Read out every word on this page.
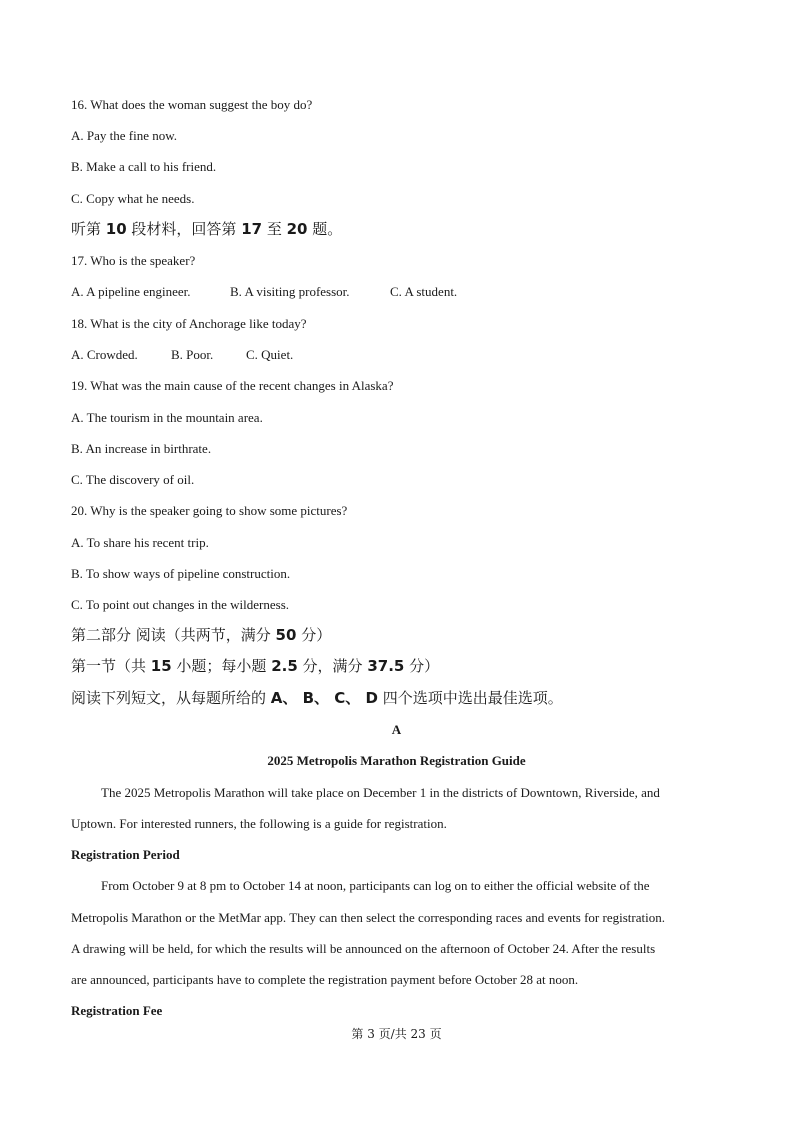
16. What does the woman suggest the boy do?
A. Pay the fine now.
B. Make a call to his friend.
C. Copy what he needs.
听第 10 段材料，回答第 17 至 20 题。
17. Who is the speaker?
A. A pipeline engineer.	B. A visiting professor.	C. A student.
18. What is the city of Anchorage like today?
A. Crowded.	B. Poor.	C. Quiet.
19. What was the main cause of the recent changes in Alaska?
A. The tourism in the mountain area.
B. An increase in birthrate.
C. The discovery of oil.
20. Why is the speaker going to show some pictures?
A. To share his recent trip.
B. To show ways of pipeline construction.
C. To point out changes in the wilderness.
第二部分 阅读（共两节，满分 50 分）
第一节（共 15 小题；每小题 2.5 分，满分 37.5 分）
阅读下列短文，从每题所给的 A、 B、 C、 D 四个选项中选出最佳选项。
A
2025 Metropolis Marathon Registration Guide
The 2025 Metropolis Marathon will take place on December 1 in the districts of Downtown, Riverside, and
Uptown. For interested runners, the following is a guide for registration.
Registration Period
From October 9 at 8 pm to October 14 at noon, participants can log on to either the official website of the
Metropolis Marathon or the MetMar app. They can then select the corresponding races and events for registration.
A drawing will be held, for which the results will be announced on the afternoon of October 24. After the results
are announced, participants have to complete the registration payment before October 28 at noon.
Registration Fee
第 3 页/共 23 页
